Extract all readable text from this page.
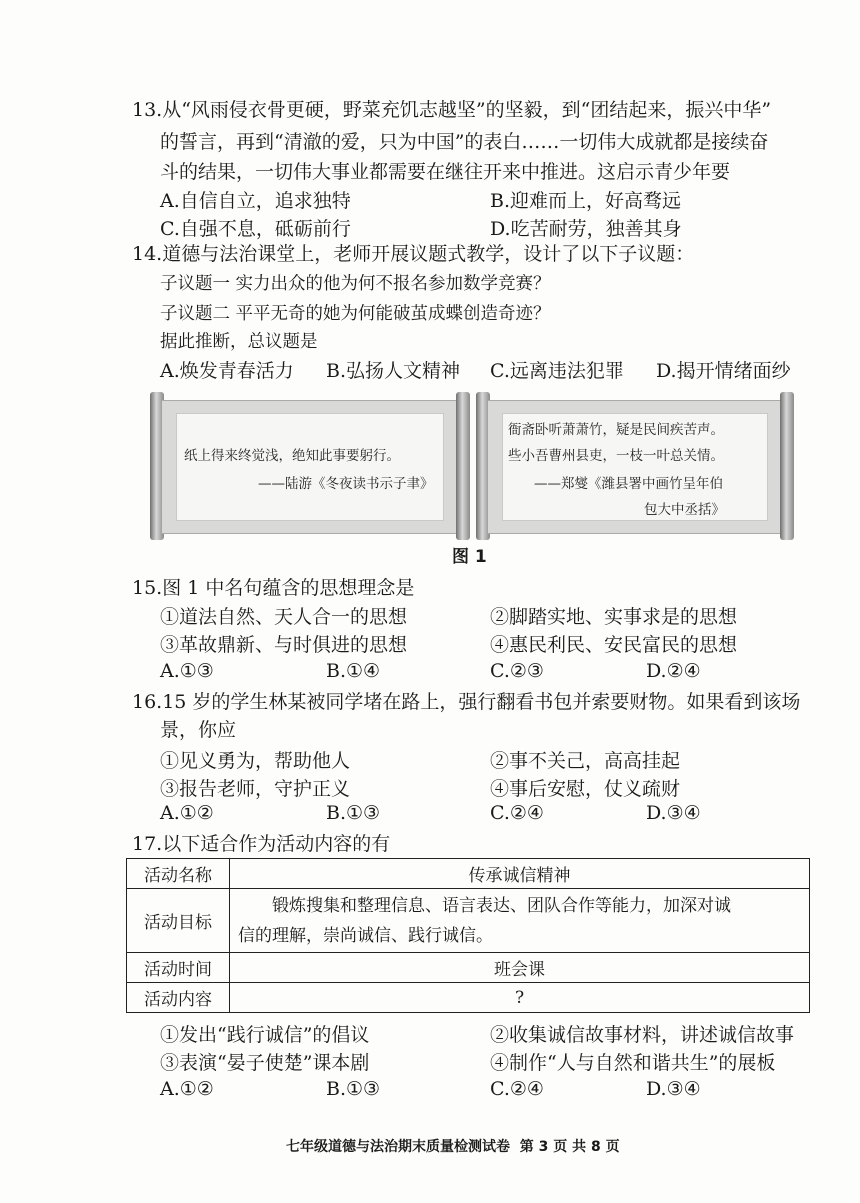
13.从“风雨侵衣骨更硬，野菜充饥志越坚”的坚毅，到“团结起来，振兴中华”
的誓言，再到“清澈的爱，只为中国”的表白……一切伟大成就都是接续奋
斗的结果，一切伟大事业都需要在继往开来中推进。这启示青少年要
A.自信自立，追求独特	B.迎难而上，好高骛远
C.自强不息，砥砺前行	D.吃苦耐劳，独善其身
14.道德与法治课堂上，老师开展议题式教学，设计了以下子议题：
子议题一 实力出众的他为何不报名参加数学竞赛？
子议题二 平平无奇的她为何能破茧成蝶创造奇迹？
据此推断，总议题是
A.焕发青春活力 B.弘扬人文精神 C.远离违法犯罪 D.揭开情绪面纱
纸上得来终觉浅，绝知此事要躬行。
——陆游《冬夜读书示子聿》
衙斋卧听萧萧竹，疑是民间疾苦声。
些小吾曹州县吏，一枝一叶总关情。
——郑燮《潍县署中画竹呈年伯
包大中丞括》
图 1
15.图 1 中名句蕴含的思想理念是
①道法自然、天人合一的思想	②脚踏实地、实事求是的思想
③革故鼎新、与时俱进的思想	④惠民利民、安民富民的思想
A.①③	B.①④	C.②③	D.②④
16.15 岁的学生林某被同学堵在路上，强行翻看书包并索要财物。如果看到该场
景，你应
①见义勇为，帮助他人	②事不关己，高高挂起
③报告老师，守护正义	④事后安慰，仗义疏财
A.①②	B.①③	C.②④	D.③④
17.以下适合作为活动内容的有
活动名称	传承诚信精神
活动目标	锻炼搜集和整理信息、语言表达、团队合作等能力，加深对诚
信的理解，崇尚诚信、践行诚信。

活动时间	班会课
活动内容	?
①发出“践行诚信”的倡议	②收集诚信故事材料，讲述诚信故事
③表演“晏子使楚”课本剧	④制作“人与自然和谐共生”的展板
A.①②	B.①③	C.②④	D.③④
七年级道德与法治期末质量检测试卷  第 3 页 共 8 页
